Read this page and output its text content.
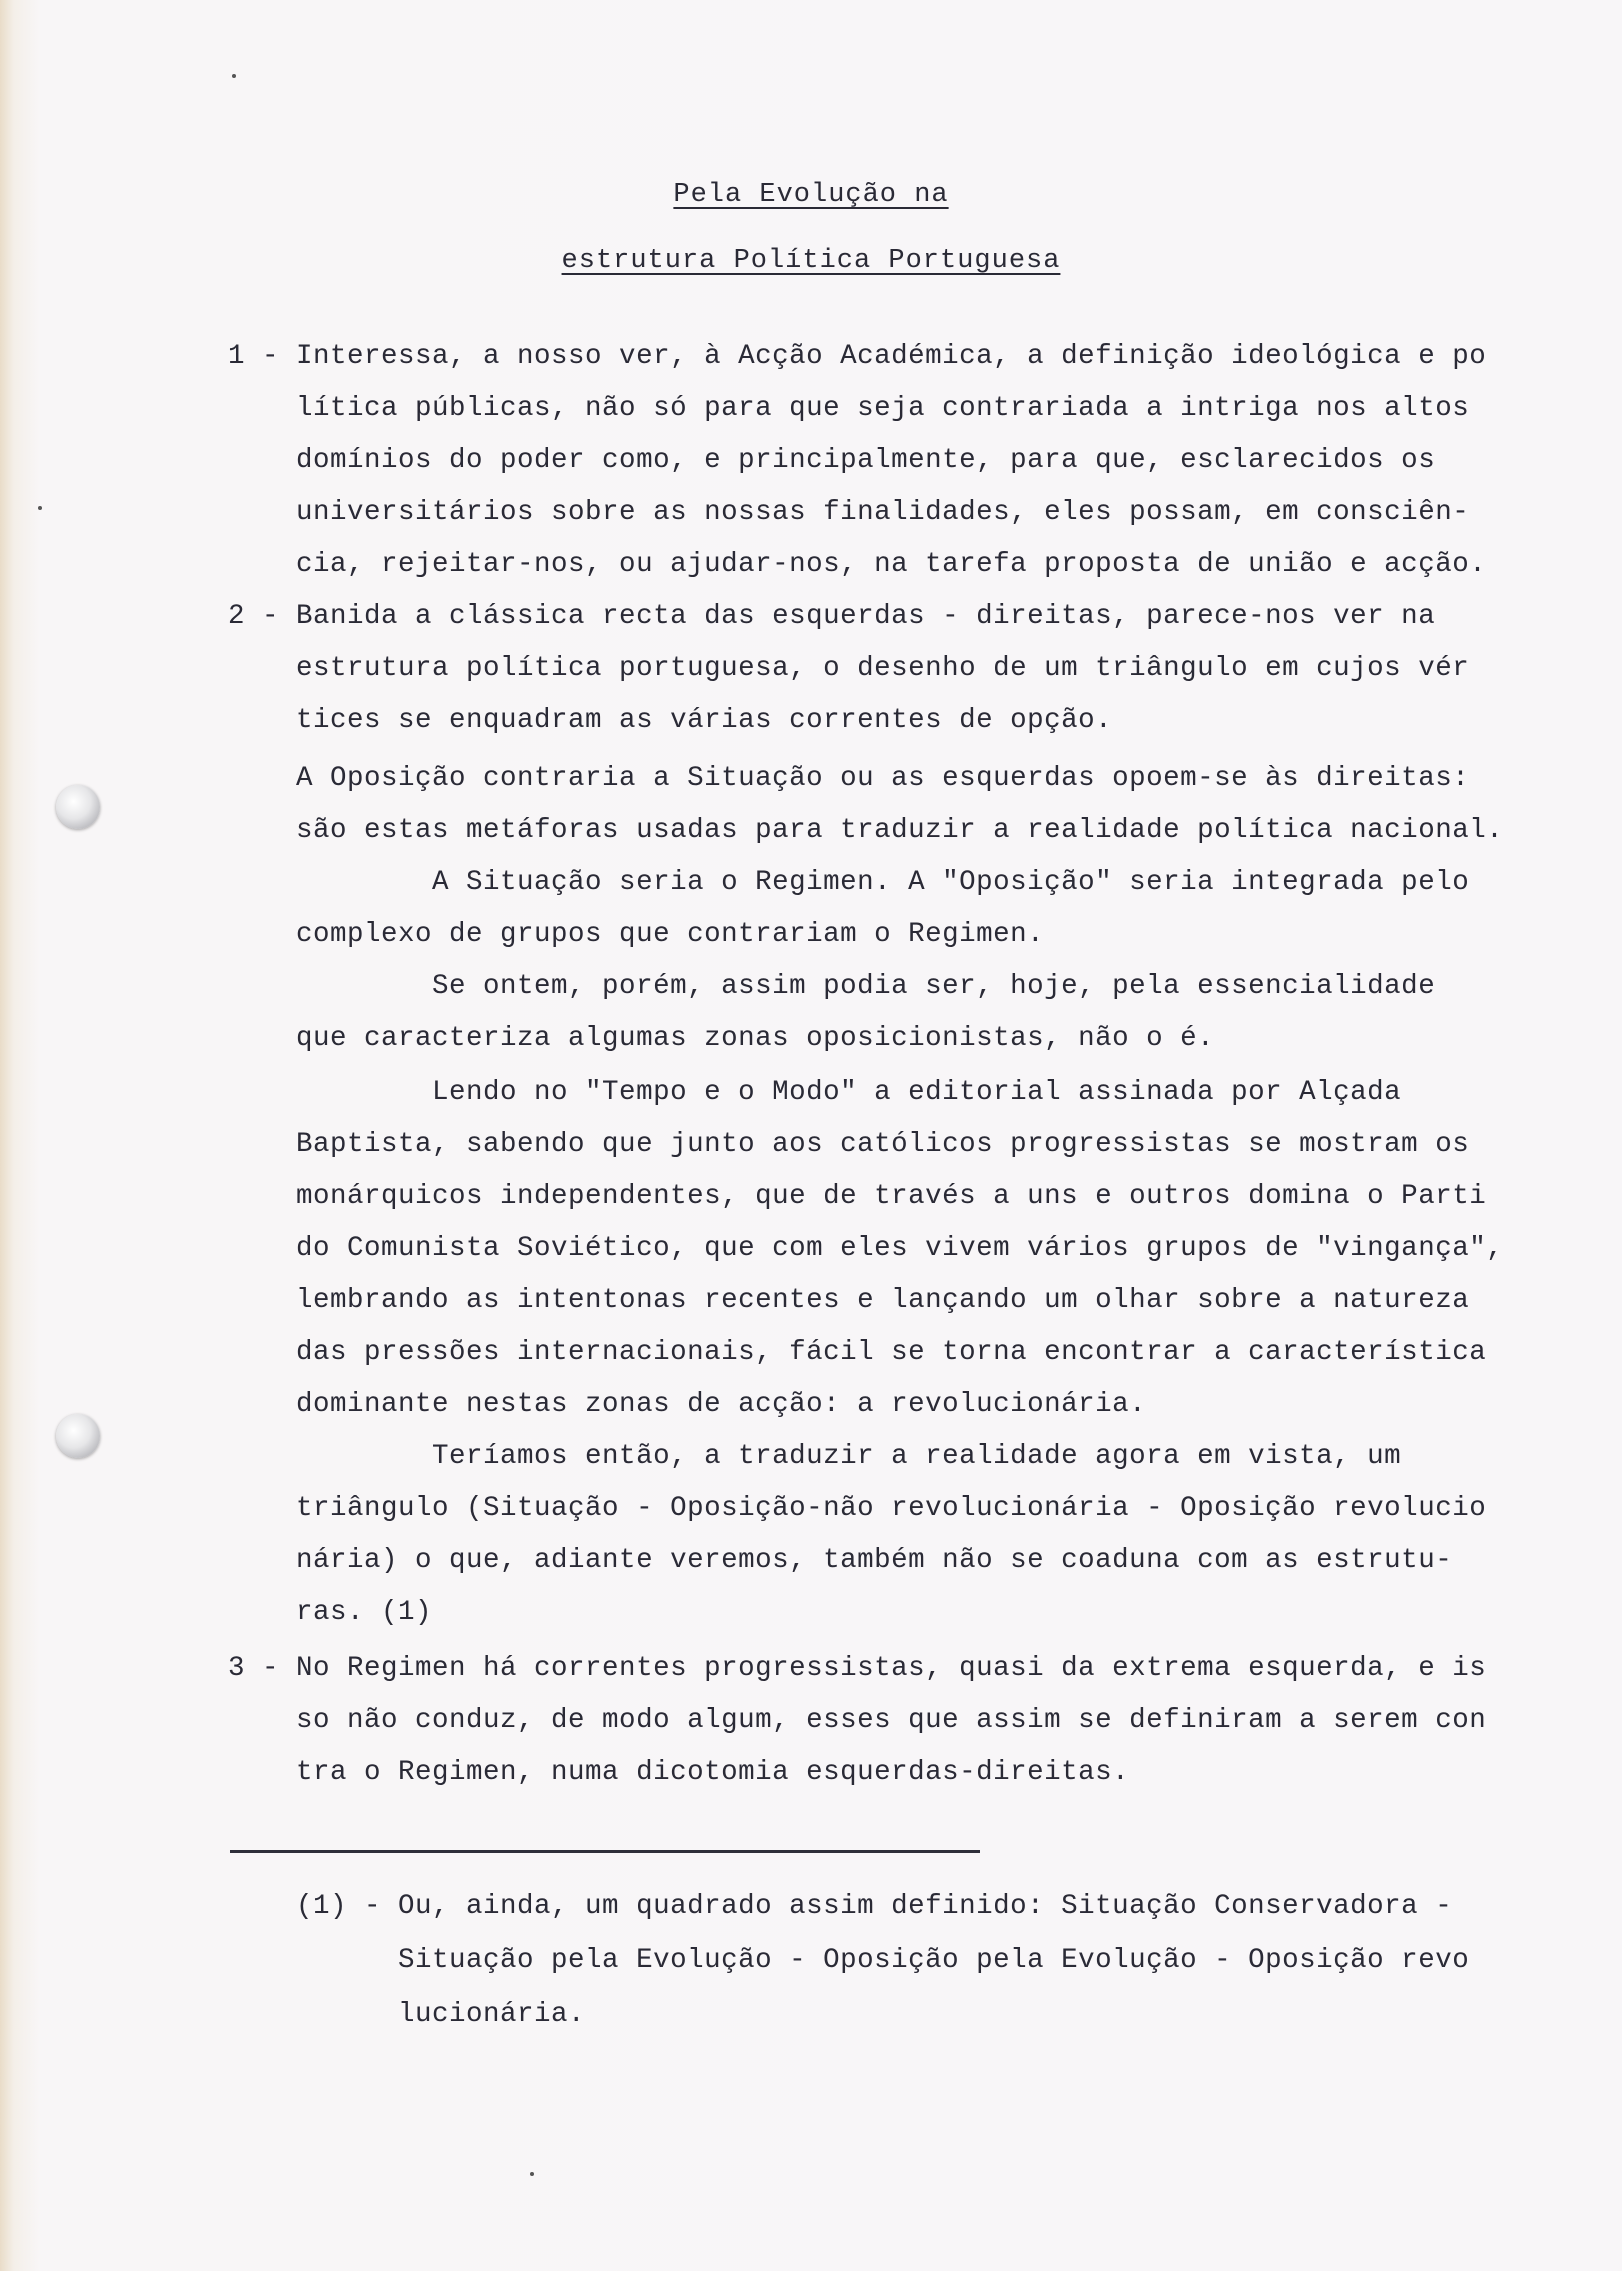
Pela Evolução na
estrutura Política Portuguesa
1 - Interessa, a nosso ver, à Acção Académica, a definição ideológica e po
lítica públicas, não só para que seja contrariada a intriga nos altos
domínios do poder como, e principalmente, para que, esclarecidos os
universitários sobre as nossas finalidades, eles possam, em consciên-
cia, rejeitar-nos, ou ajudar-nos, na tarefa proposta de união e acção.
2 - Banida a clássica recta das esquerdas - direitas, parece-nos ver na
estrutura política portuguesa, o desenho de um triângulo em cujos vér
tices se enquadram as várias correntes de opção.
A Oposição contraria a Situação ou as esquerdas opoem-se às direitas:
são estas metáforas usadas para traduzir a realidade política nacional.
A Situação seria o Regimen. A "Oposição" seria integrada pelo
complexo de grupos que contrariam o Regimen.
Se ontem, porém, assim podia ser, hoje, pela essencialidade
que caracteriza algumas zonas oposicionistas, não o é.
Lendo no "Tempo e o Modo" a editorial assinada por Alçada
Baptista, sabendo que junto aos católicos progressistas se mostram os
monárquicos independentes, que de través a uns e outros domina o Parti
do Comunista Soviético, que com eles vivem vários grupos de "vingança",
lembrando as intentonas recentes e lançando um olhar sobre a natureza
das pressões internacionais, fácil se torna encontrar a característica
dominante nestas zonas de acção: a revolucionária.
Teríamos então, a traduzir a realidade agora em vista, um
triângulo (Situação - Oposição-não revolucionária - Oposição revolucio
nária) o que, adiante veremos, também não se coaduna com as estrutu-
ras. (1)
3 - No Regimen há correntes progressistas, quasi da extrema esquerda, e is
so não conduz, de modo algum, esses que assim se definiram a serem con
tra o Regimen, numa dicotomia esquerdas-direitas.
(1) - Ou, ainda, um quadrado assim definido: Situação Conservadora -
Situação pela Evolução - Oposição pela Evolução - Oposição revo
lucionária.
